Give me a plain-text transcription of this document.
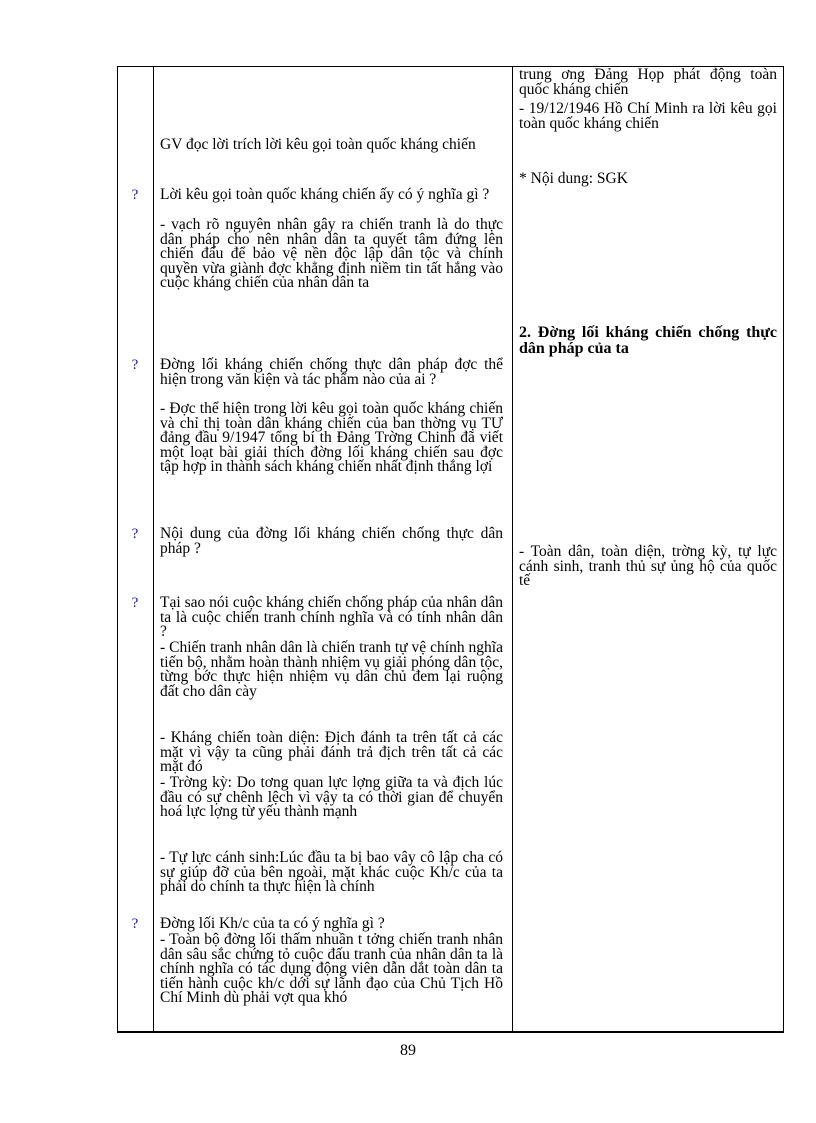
?
?
?
?
?

GV đọc lời trích lời kêu gọi toàn quốc kháng chiến

Lời kêu gọi toàn quốc kháng chiến ấy có ý nghĩa gì ?

- vạch rõ nguyên nhân gây ra chiến tranh là do thực dân pháp cho nên nhân dân ta quyết tâm đứng lên chiến đấu để bảo vệ nền độc lập dân tộc và chính quyền vừa giành đợc khẳng định niềm tin tất hắng vào cuộc kháng chiến của nhân dân ta

Đờng lối kháng chiến chống thực dân pháp đợc thể hiện trong văn kiện và tác phẩm nào của ai ?

- Đợc thể hiện trong lời kêu gọi toàn quốc kháng chiến và chỉ thị toàn dân kháng chiến của ban thờng vụ TƯ đảng đầu 9/1947 tổng bí th Đảng Trờng Chinh đã viết một loạt bài giải thích đờng lối kháng chiến sau đợc tập hợp in thành sách kháng chiến nhất định thắng lợi

Nội dung của đờng lối kháng chiến chống thực dân pháp ?

Tại sao nói cuộc kháng chiến chống pháp của nhân dân ta là cuộc chiến tranh chính nghĩa và có tính nhân dân ?

- Chiến tranh nhân dân là chiến tranh tự vệ chính nghĩa tiến bộ, nhằm hoàn thành nhiệm vụ giải phóng dân tộc, từng bớc thực hiện nhiệm vụ dân chủ đem lại ruộng đất cho dân cày

- Kháng chiến toàn diện: Địch đánh ta trên tất cả các mặt vì vậy ta cũng phải đánh trả địch trên tất cả các mặt đó

- Trờng kỳ: Do tơng quan lực lợng giữa ta và địch lúc đầu có sự chênh lệch vì vậy ta có thời gian để chuyển hoá lực lợng từ yếu thành mạnh

- Tự lực cánh sinh:Lúc đầu ta bị bao vây cô lập cha có sự giúp đỡ của bên ngoài, mặt khác cuộc Kh/c của ta phải do chính ta thực hiện là chính

Đờng lối Kh/c của ta có ý nghĩa gì ?

- Toàn bộ đờng lối thấm nhuần t tởng chiến tranh nhân dân sâu sắc chứng tỏ cuộc đấu tranh của nhân dân ta là chính nghĩa có tác dụng động viên dẫn dắt toàn dân ta tiến hành cuộc kh/c dới sự lãnh đạo của Chủ Tịch Hồ Chí Minh dù phải vợt qua khó

trung ơng Đảng Họp phát động toàn quốc kháng chiến

- 19/12/1946 Hồ Chí Minh ra lời kêu gọi toàn quốc kháng chiến

* Nội dung: SGK

2. Đờng lối kháng chiến chống thực dân pháp của ta

- Toàn dân, toàn diện, trờng kỳ, tự lực cánh sinh, tranh thủ sự ủng hộ của quốc tế

89
